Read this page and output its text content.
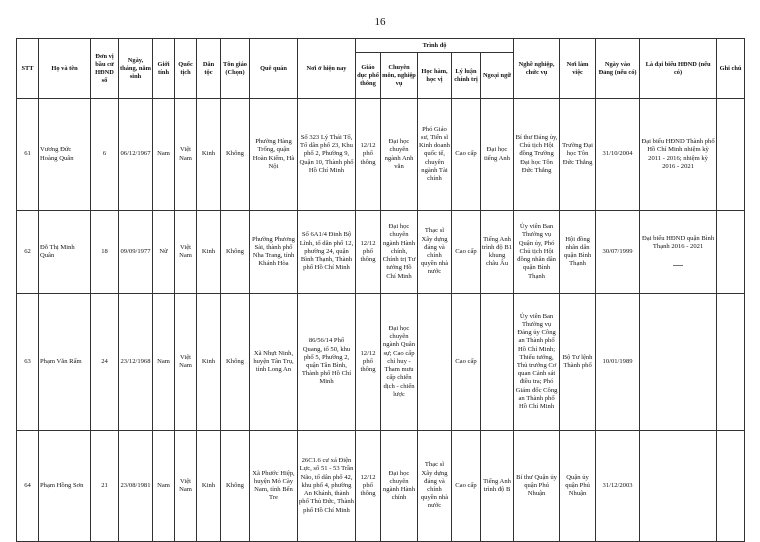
16
STT	Họ và tên	Đơn vị bầu cử HĐND số	Ngày, tháng, năm sinh	Giới tính	Quốc tịch	Dân tộc	Tôn giáo (Chọn)	Quê quán	Nơi ở hiện nay	Trình độ					Nghề nghiệp, chức vụ	Nơi làm việc	Ngày vào Đảng (nếu có)	Là đại biểu HĐND (nếu có)	Ghi chú
										Giáo dục phổ thông	Chuyên môn, nghiệp vụ	Học hàm, học vị	Lý luận chính trị	Ngoại ngữ					
61	Vương Đức Hoàng Quân	6	06/12/1967	Nam	Việt Nam	Kinh	Không	Phường Hàng Trống, quận Hoàn Kiếm, Hà Nội	Số 323 Lý Thái Tổ, Tổ dân phố 23, Khu phố 2, Phường 9, Quận 10, Thành phố Hồ Chí Minh	12/12 phổ thông	Đại học chuyên ngành Anh văn	Phó Giáo sư, Tiến sĩ Kinh doanh quốc tế, chuyên ngành Tài chính	Cao cấp	Đại học tiếng Anh	Bí thư Đảng ủy, Chủ tịch Hội đồng Trường Đại học Tôn Đức Thắng	Trường Đại học Tôn Đức Thắng	31/10/2004	Đại biểu HĐND Thành phố Hồ Chí Minh nhiệm kỳ 2011 - 2016; nhiệm kỳ 2016 - 2021	
62	Đỗ Thị Minh Quân	18	09/09/1977	Nữ	Việt Nam	Kinh	Không	Phường Phương Sài, thành phố Nha Trang, tỉnh Khánh Hòa	Số 6A1/4 Đinh Bộ Lĩnh, tổ dân phố 12, phường 24, quận Bình Thạnh, Thành phố Hồ Chí Minh	12/12 phổ thông	Đại học chuyên ngành Hành chính, Chính trị Tư tưởng Hồ Chí Minh	Thạc sĩ Xây dựng đảng và chính quyền nhà nước	Cao cấp	Tiếng Anh trình độ B1 khung châu Âu	Ủy viên Ban Thường vụ Quận ủy, Phó Chủ tịch Hội đồng nhân dân quận Bình Thạnh	Hội đồng nhân dân quận Bình Thạnh	30/07/1999	Đại biểu HĐND quận Bình Thạnh 2016 - 2021	

63	Phạm Văn Rấm	24	23/12/1968	Nam	Việt Nam	Kinh	Không	Xã Nhựt Ninh, huyện Tân Trụ, tỉnh Long An	86/56/14 Phổ Quang, tổ 50, khu phố 5, Phường 2, quận Tân Bình, Thành phố Hồ Chí Minh	12/12 phổ thông	Đại học chuyên ngành Quân sự; Cao cấp chỉ huy - Tham mưu cấp chiến dịch - chiến lược		Cao cấp		Ủy viên Ban Thường vụ Đảng ủy Công an Thành phố Hồ Chí Minh; Thiếu tướng, Thủ trưởng Cơ quan Cảnh sát điều tra; Phó Giám đốc Công an Thành phố Hồ Chí Minh	Bộ Tư lệnh Thành phố	10/01/1989		
64	Phạm Hồng Sơn	21	23/08/1981	Nam	Việt Nam	Kinh	Không	Xã Phước Hiệp, huyện Mỏ Cày Nam, tỉnh Bến Tre	26C1.6 cư xá Điện Lực, số 51 - 53 Trần Não, tổ dân phố 42, khu phố 4, phường An Khánh, thành phố Thủ Đức, Thành phố Hồ Chí Minh	12/12 phổ thông	Đại học chuyên ngành Hành chính	Thạc sĩ Xây dựng đảng và chính quyền nhà nước	Cao cấp	Tiếng Anh trình độ B	Bí thư Quận ủy quận Phú Nhuận	Quận ủy quận Phú Nhuận	31/12/2003		
